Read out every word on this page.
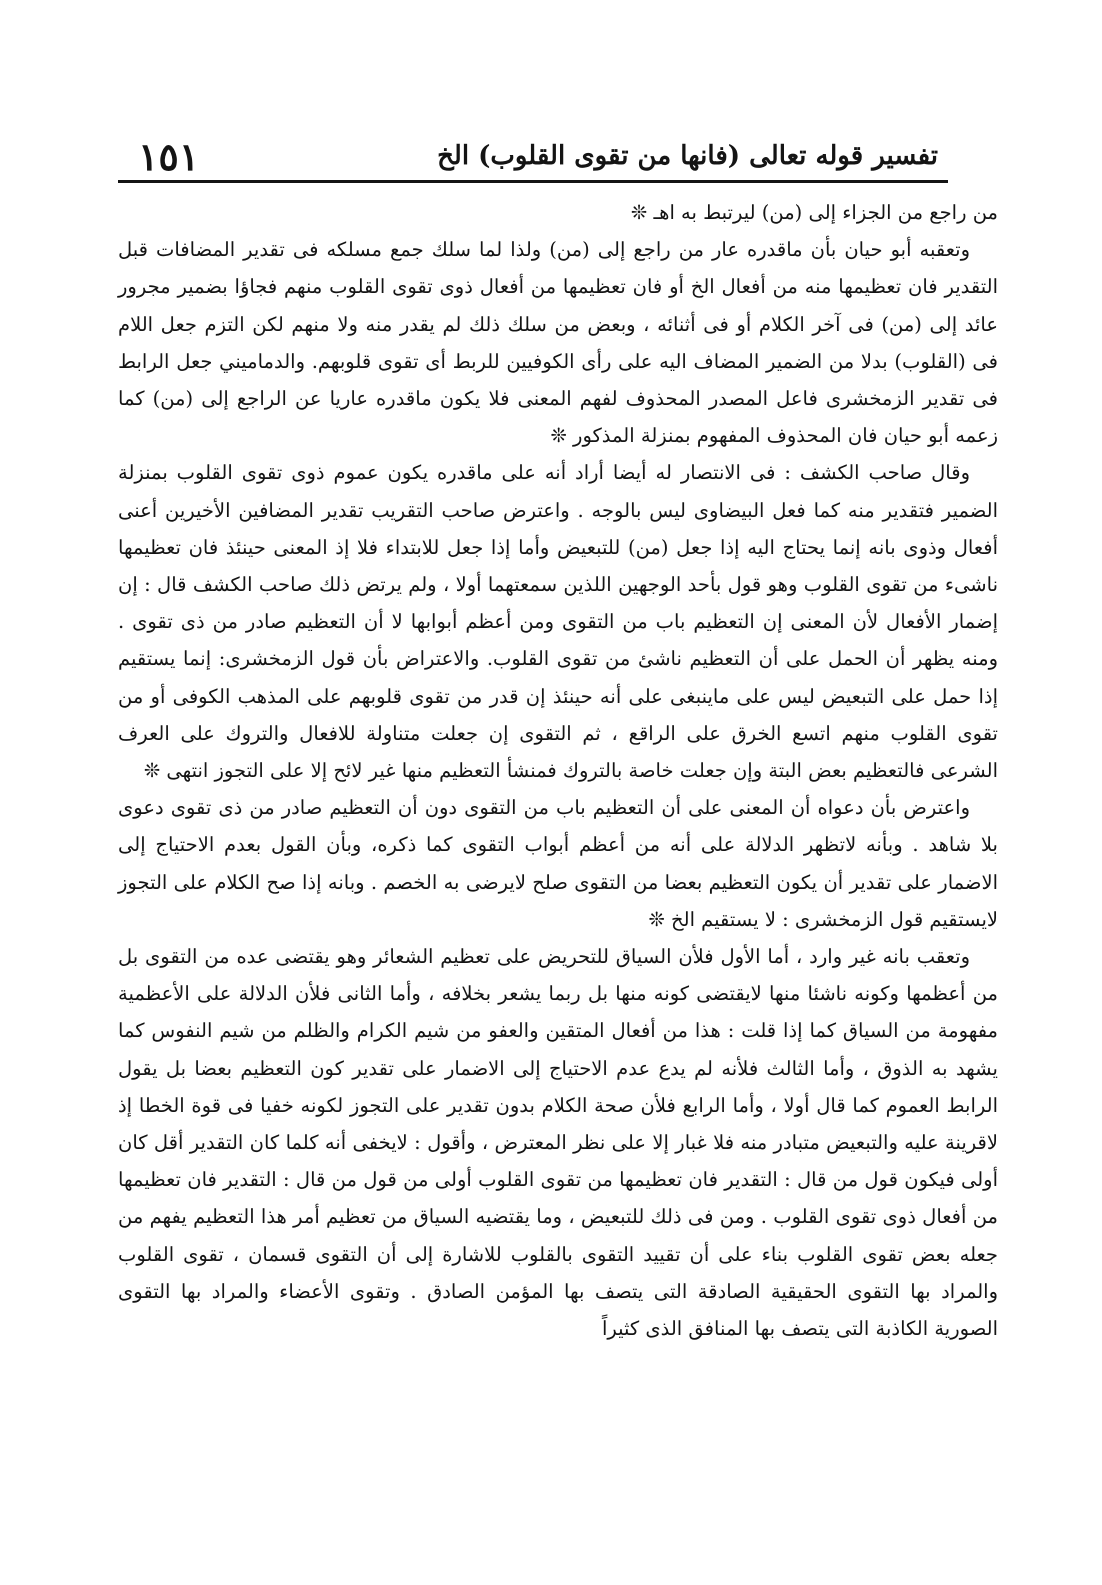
١٥١	تفسير قوله تعالى (فانها من تقوى القلوب) الخ

من راجع من الجزاء إلى (من) ليرتبط به اهـ ❊

وتعقبه أبو حيان بأن ماقدره عار من راجع إلى (من) ولذا لما سلك جمع مسلكه فى تقدير المضافات قبل التقدير فان تعظيمها منه من أفعال الخ أو فان تعظيمها من أفعال ذوى تقوى القلوب منهم فجاؤا بضمير مجرور عائد إلى (من) فى آخر الكلام أو فى أثنائه ، وبعض من سلك ذلك لم يقدر منه ولا منهم لكن التزم جعل اللام فى (القلوب) بدلا من الضمير المضاف اليه على رأى الكوفيين للربط أى تقوى قلوبهم. والدماميني جعل الرابط فى تقدير الزمخشرى فاعل المصدر المحذوف لفهم المعنى فلا يكون ماقدره عاريا عن الراجع إلى (من) كما زعمه أبو حيان فان المحذوف المفهوم بمنزلة المذكور ❊

وقال صاحب الكشف : فى الانتصار له أيضا أراد أنه على ماقدره يكون عموم ذوى تقوى القلوب بمنزلة الضمير فتقدير منه كما فعل البيضاوى ليس بالوجه . واعترض صاحب التقريب تقدير المضافين الأخيرين أعنى أفعال وذوى بانه إنما يحتاج اليه إذا جعل (من) للتبعيض وأما إذا جعل للابتداء فلا إذ المعنى حينئذ فان تعظيمها ناشىء من تقوى القلوب وهو قول بأحد الوجهين اللذين سمعتهما أولا ، ولم يرتض ذلك صاحب الكشف قال : إن إضمار الأفعال لأن المعنى إن التعظيم باب من التقوى ومن أعظم أبوابها لا أن التعظيم صادر من ذى تقوى . ومنه يظهر أن الحمل على أن التعظيم ناشئ من تقوى القلوب. والاعتراض بأن قول الزمخشرى: إنما يستقيم إذا حمل على التبعيض ليس على ماينبغى على أنه حينئذ إن قدر من تقوى قلوبهم على المذهب الكوفى أو من تقوى القلوب منهم اتسع الخرق على الراقع ، ثم التقوى إن جعلت متناولة للافعال والتروك على العرف الشرعى فالتعظيم بعض البتة وإن جعلت خاصة بالتروك فمنشأ التعظيم منها غير لائح إلا على التجوز انتهى ❊

واعترض بأن دعواه أن المعنى على أن التعظيم باب من التقوى دون أن التعظيم صادر من ذى تقوى دعوى بلا شاهد . وبأنه لاتظهر الدلالة على أنه من أعظم أبواب التقوى كما ذكره، وبأن القول بعدم الاحتياج إلى الاضمار على تقدير أن يكون التعظيم بعضا من التقوى صلح لايرضى به الخصم . وبانه إذا صح الكلام على التجوز لايستقيم قول الزمخشرى : لا يستقيم الخ ❊

وتعقب بانه غير وارد ، أما الأول فلأن السياق للتحريض على تعظيم الشعائر وهو يقتضى عده من التقوى بل من أعظمها وكونه ناشئا منها لايقتضى كونه منها بل ربما يشعر بخلافه ، وأما الثانى فلأن الدلالة على الأعظمية مفهومة من السياق كما إذا قلت : هذا من أفعال المتقين والعفو من شيم الكرام والظلم من شيم النفوس كما يشهد به الذوق ، وأما الثالث فلأنه لم يدع عدم الاحتياج إلى الاضمار على تقدير كون التعظيم بعضا بل يقول الرابط العموم كما قال أولا ، وأما الرابع فلأن صحة الكلام بدون تقدير على التجوز لكونه خفيا فى قوة الخطا إذ لاقرينة عليه والتبعيض متبادر منه فلا غبار إلا على نظر المعترض ، وأقول : لايخفى أنه كلما كان التقدير أقل كان أولى فيكون قول من قال : التقدير فان تعظيمها من تقوى القلوب أولى من قول من قال : التقدير فان تعظيمها من أفعال ذوى تقوى القلوب . ومن فى ذلك للتبعيض ، وما يقتضيه السياق من تعظيم أمر هذا التعظيم يفهم من جعله بعض تقوى القلوب بناء على أن تقييد التقوى بالقلوب للاشارة إلى أن التقوى قسمان ، تقوى القلوب والمراد بها التقوى الحقيقية الصادقة التى يتصف بها المؤمن الصادق . وتقوى الأعضاء والمراد بها التقوى الصورية الكاذبة التى يتصف بها المنافق الذى كثيراً
